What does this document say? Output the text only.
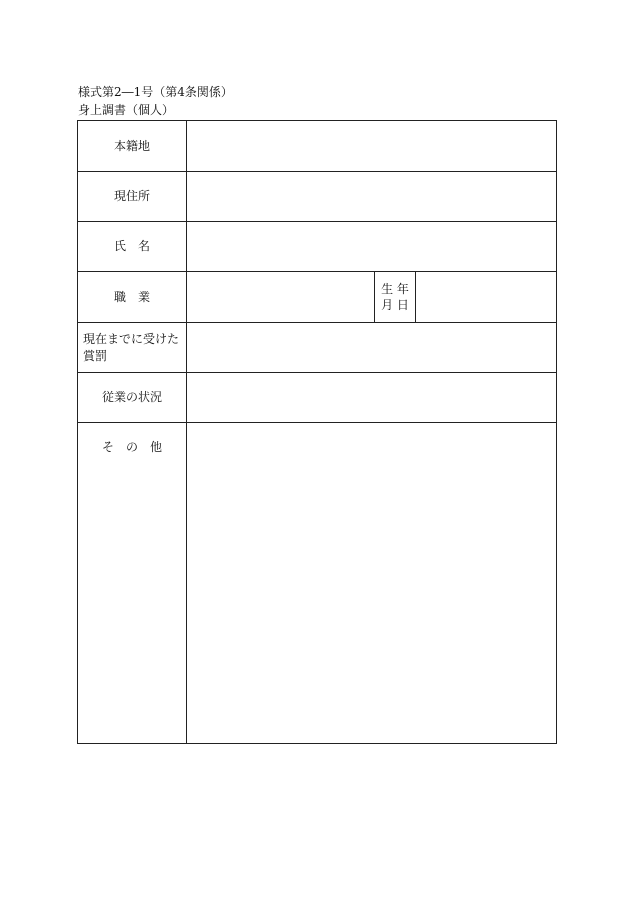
様式第2―1号（第4条関係）
身上調書（個人）
本籍地
現住所
氏　名
職　業
生 年
月 日
現在までに受けた
賞罰
従業の状況
そ　の　他
